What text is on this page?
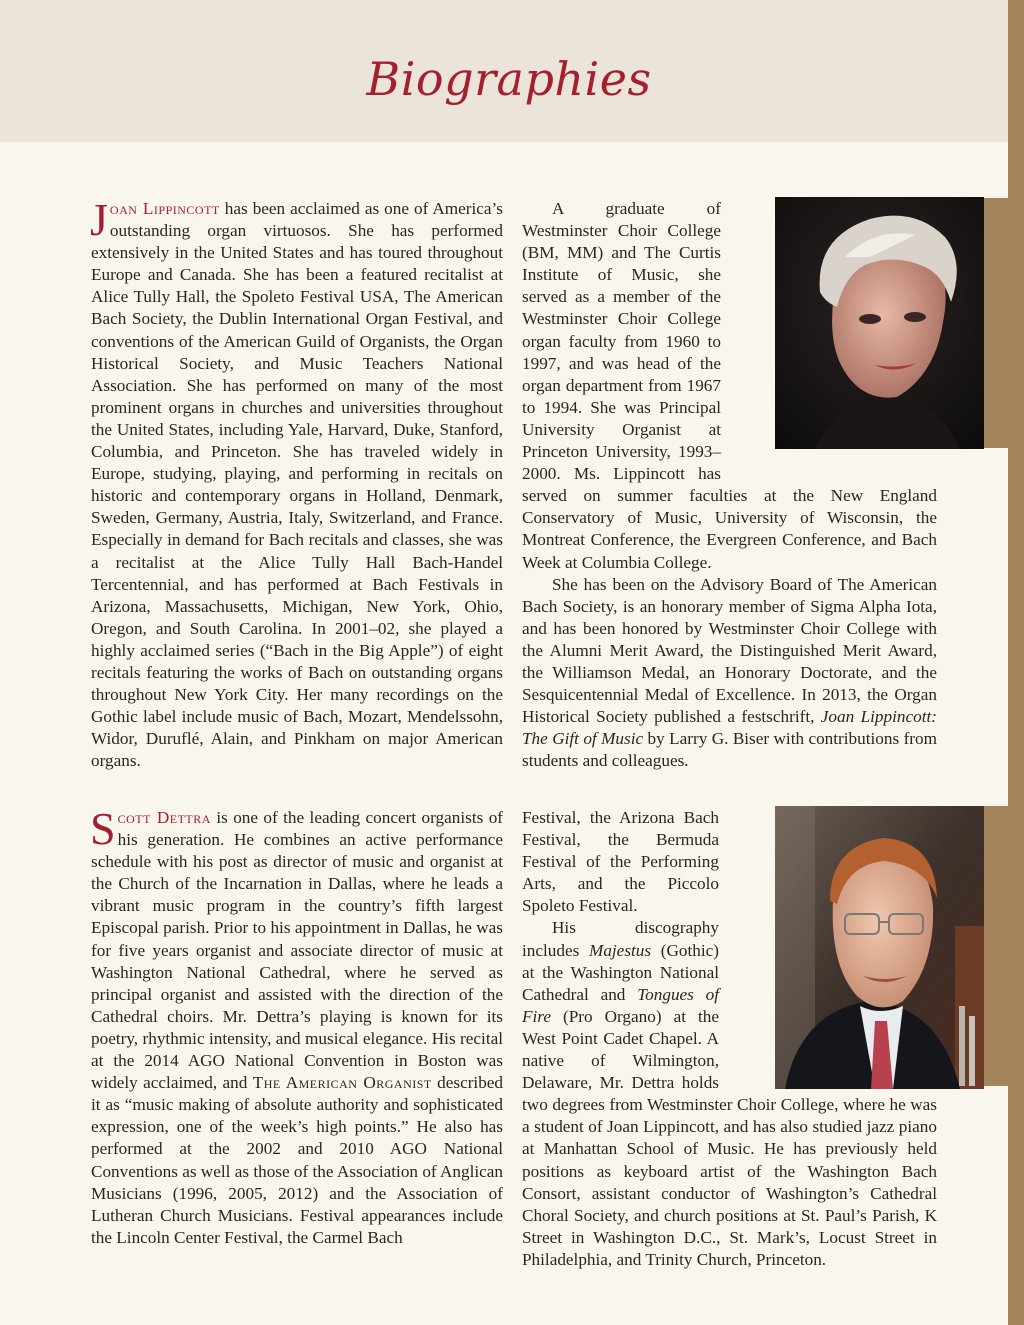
Biographies

Joan Lippincott has been acclaimed as one of America’s outstanding organ virtuosos. She has performed extensively in the United States and has toured throughout Europe and Canada. She has been a featured recitalist at Alice Tully Hall, the Spoleto Festival USA, The American Bach Society, the Dublin International Organ Festival, and conventions of the American Guild of Organists, the Organ Historical Society, and Music Teachers National Association. She has performed on many of the most prominent organs in churches and universities throughout the United States, including Yale, Harvard, Duke, Stanford, Columbia, and Princeton. She has traveled widely in Europe, studying, playing, and performing in recitals on historic and contemporary organs in Holland, Denmark, Sweden, Germany, Austria, Italy, Switzerland, and France. Especially in demand for Bach recitals and classes, she was a recitalist at the Alice Tully Hall Bach-Handel Tercentennial, and has performed at Bach Festivals in Arizona, Massachusetts, Michigan, New York, Ohio, Oregon, and South Carolina. In 2001–02, she played a highly acclaimed series (“Bach in the Big Apple”) of eight recitals featuring the works of Bach on outstanding organs throughout New York City. Her many recordings on the Gothic label include music of Bach, Mozart, Mendelssohn, Widor, Duruflé, Alain, and Pinkham on major American organs.

A graduate of Westminster Choir College (BM, MM) and The Curtis Institute of Music, she served as a member of the Westminster Choir College organ faculty from 1960 to 1997, and was head of the organ department from 1967 to 1994. She was Principal University Organist at Princeton University, 1993–2000. Ms. Lippincott has served on summer faculties at the New England Conservatory of Music, University of Wisconsin, the Montreat Conference, the Evergreen Conference, and Bach Week at Columbia College.

She has been on the Advisory Board of The American Bach Society, is an honorary member of Sigma Alpha Iota, and has been honored by Westminster Choir College with the Alumni Merit Award, the Distinguished Merit Award, the Williamson Medal, an Honorary Doctorate, and the Sesquicentennial Medal of Excellence. In 2013, the Organ Historical Society published a festschrift, Joan Lippincott: The Gift of Music by Larry G. Biser with contributions from students and colleagues.

Scott Dettra is one of the leading concert organists of his generation. He combines an active performance schedule with his post as director of music and organist at the Church of the Incarnation in Dallas, where he leads a vibrant music program in the country’s fifth largest Episcopal parish. Prior to his appointment in Dallas, he was for five years organist and associate director of music at Washington National Cathedral, where he served as principal organist and assisted with the direction of the Cathedral choirs. Mr. Dettra’s playing is known for its poetry, rhythmic intensity, and musical elegance. His recital at the 2014 AGO National Convention in Boston was widely acclaimed, and The American Organist described it as “music making of absolute authority and sophisticated expression, one of the week’s high points.” He also has performed at the 2002 and 2010 AGO National Conventions as well as those of the Association of Anglican Musicians (1996, 2005, 2012) and the Association of Lutheran Church Musicians. Festival appearances include the Lincoln Center Festival, the Carmel Bach

Festival, the Arizona Bach Festival, the Bermuda Festival of the Performing Arts, and the Piccolo Spoleto Festival.

His discography includes Majestus (Gothic) at the Washington National Cathedral and Tongues of Fire (Pro Organo) at the West Point Cadet Chapel. A native of Wilmington, Delaware, Mr. Dettra holds two degrees from Westminster Choir College, where he was a student of Joan Lippincott, and has also studied jazz piano at Manhattan School of Music. He has previously held positions as keyboard artist of the Washington Bach Consort, assistant conductor of Washington’s Cathedral Choral Society, and church positions at St. Paul’s Parish, K Street in Washington D.C., St. Mark’s, Locust Street in Philadelphia, and Trinity Church, Princeton.
